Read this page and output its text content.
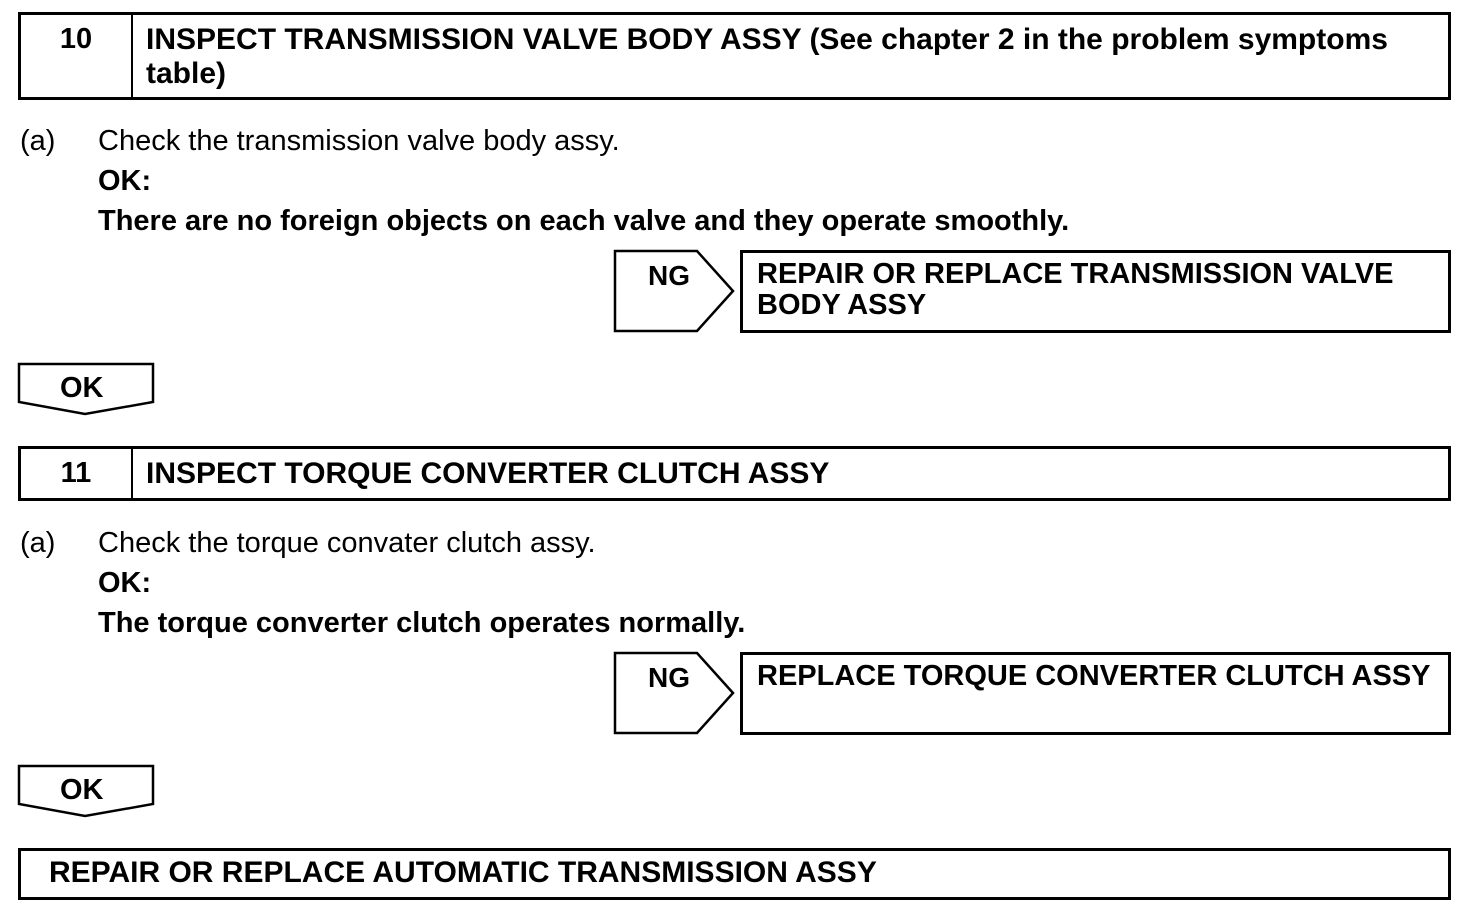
10	INSPECT TRANSMISSION VALVE BODY ASSY (See chapter 2 in the problem symptoms table)
(a) Check the transmission valve body assy.
OK:
There are no foreign objects on each valve and they operate smoothly.
NG REPAIR OR REPLACE TRANSMISSION VALVE BODY ASSY
OK
11	INSPECT TORQUE CONVERTER CLUTCH ASSY
(a) Check the torque convater clutch assy.
OK:
The torque converter clutch operates normally.
NG REPLACE TORQUE CONVERTER CLUTCH ASSY
OK
REPAIR OR REPLACE AUTOMATIC TRANSMISSION ASSY
